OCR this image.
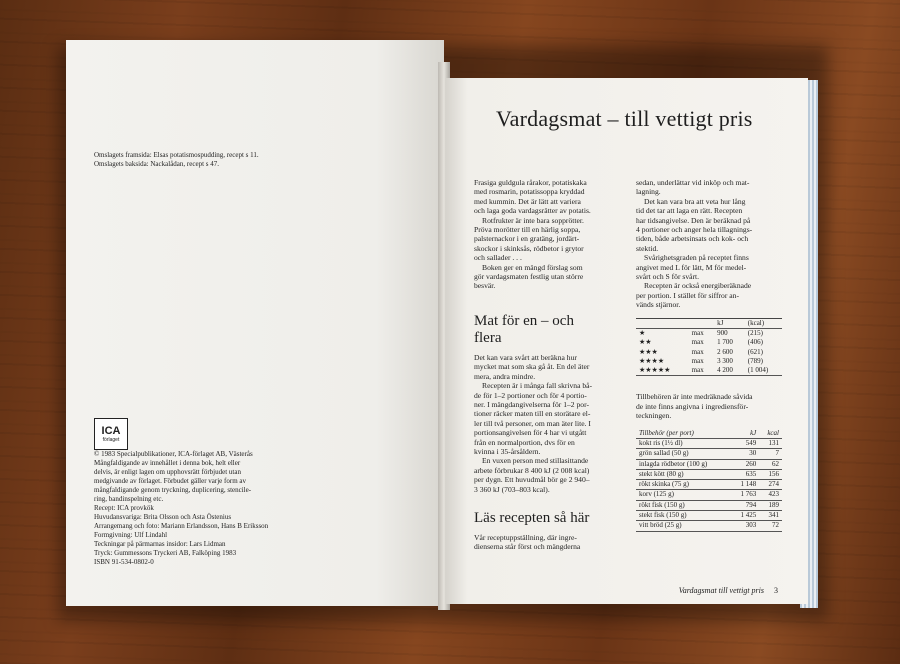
Omslagets framsida: Elsas potatismospudding, recept s 11.

Omslagets baksida: Nackalådan, recept s 47.

ICA
förlaget

© 1983 Specialpublikationer, ICA-förlaget AB, Västerås

Mångfaldigande av innehållet i denna bok, helt eller

delvis, är enligt lagen om upphovsrätt förbjudet utan

medgivande av förlaget. Förbudet gäller varje form av

mångfaldigande genom tryckning, duplicering, stencile-

ring, bandinspelning etc.

Recept: ICA provkök

Huvudansvariga: Brita Olsson och Asta Östenius

Arrangemang och foto: Mariann Erlandsson, Hans B Eriksson

Formgivning: Ulf Lindahl

Teckningar på pärmarnas insidor: Lars Lidman

Tryck: Gummessons Tryckeri AB, Falköping 1983

ISBN 91-534-0802-0

Vardagsmat – till vettigt pris

Frasiga guldgula rårakor, potatiskaka

med rosmarin, potatissoppa kryddad

med kummin. Det är lätt att variera

och laga goda vardagsrätter av potatis.

Rotfrukter är inte bara sopprötter.

Pröva morötter till en härlig soppa,

palsternackor i en gratäng, jordärt-

skockor i skinksås, rödbetor i grytor

och sallader . . .

Boken ger en mängd förslag som

gör vardagsmaten festlig utan större

besvär.

Mat för en – och
flera

Det kan vara svårt att beräkna hur

mycket mat som ska gå åt. En del äter

mera, andra mindre.

Recepten är i många fall skrivna bå-

de för 1–2 portioner och för 4 portio-

ner. I mängdangivelserna för 1–2 por-

tioner räcker maten till en storätare el-

ler till två personer, om man äter lite. I

portionsangivelsen för 4 har vi utgått

från en normalportion, dvs för en

kvinna i 35-årsåldern.

En vuxen person med stillasittande

arbete förbrukar 8 400 kJ (2 008 kcal)

per dygn. Ett huvudmål bör ge 2 940–

3 360 kJ (703–803 kcal).

Läs recepten så här

Vår receptuppställning, där ingre-

dienserna står först och mängderna

sedan, underlättar vid inköp och mat-

lagning.

Det kan vara bra att veta hur lång

tid det tar att laga en rätt. Recepten

har tidsangivelse. Den är beräknad på

4 portioner och anger hela tillagnings-

tiden, både arbetsinsats och kok- och

stektid.

Svårighetsgraden på receptet finns

angivet med L för lätt, M för medel-

svårt och S för svårt.

Recepten är också energiberäknade

per portion. I stället för siffror an-

vänds stjärnor.

		kJ	(kcal)
★	max	900	(215)
★★	max	1 700	(406)
★★★	max	2 600	(621)
★★★★	max	3 300	(789)
★★★★★	max	4 200	(1 004)

Tillbehören är inte medräknade såvida

de inte finns angivna i ingrediensför-

teckningen.

Tillbehör (per port)	kJ	kcal
kokt ris (1½ dl)	549	131
grön sallad (50 g)	30	7
inlagda rödbetor (100 g)	260	62
stekt kött (80 g)	635	156
rökt skinka (75 g)	1 148	274
korv (125 g)	1 763	423
rökt fisk (150 g)	794	189
stekt fisk (150 g)	1 425	341
vitt bröd (25 g)	303	72
Vardagsmat till vettigt pris 3
